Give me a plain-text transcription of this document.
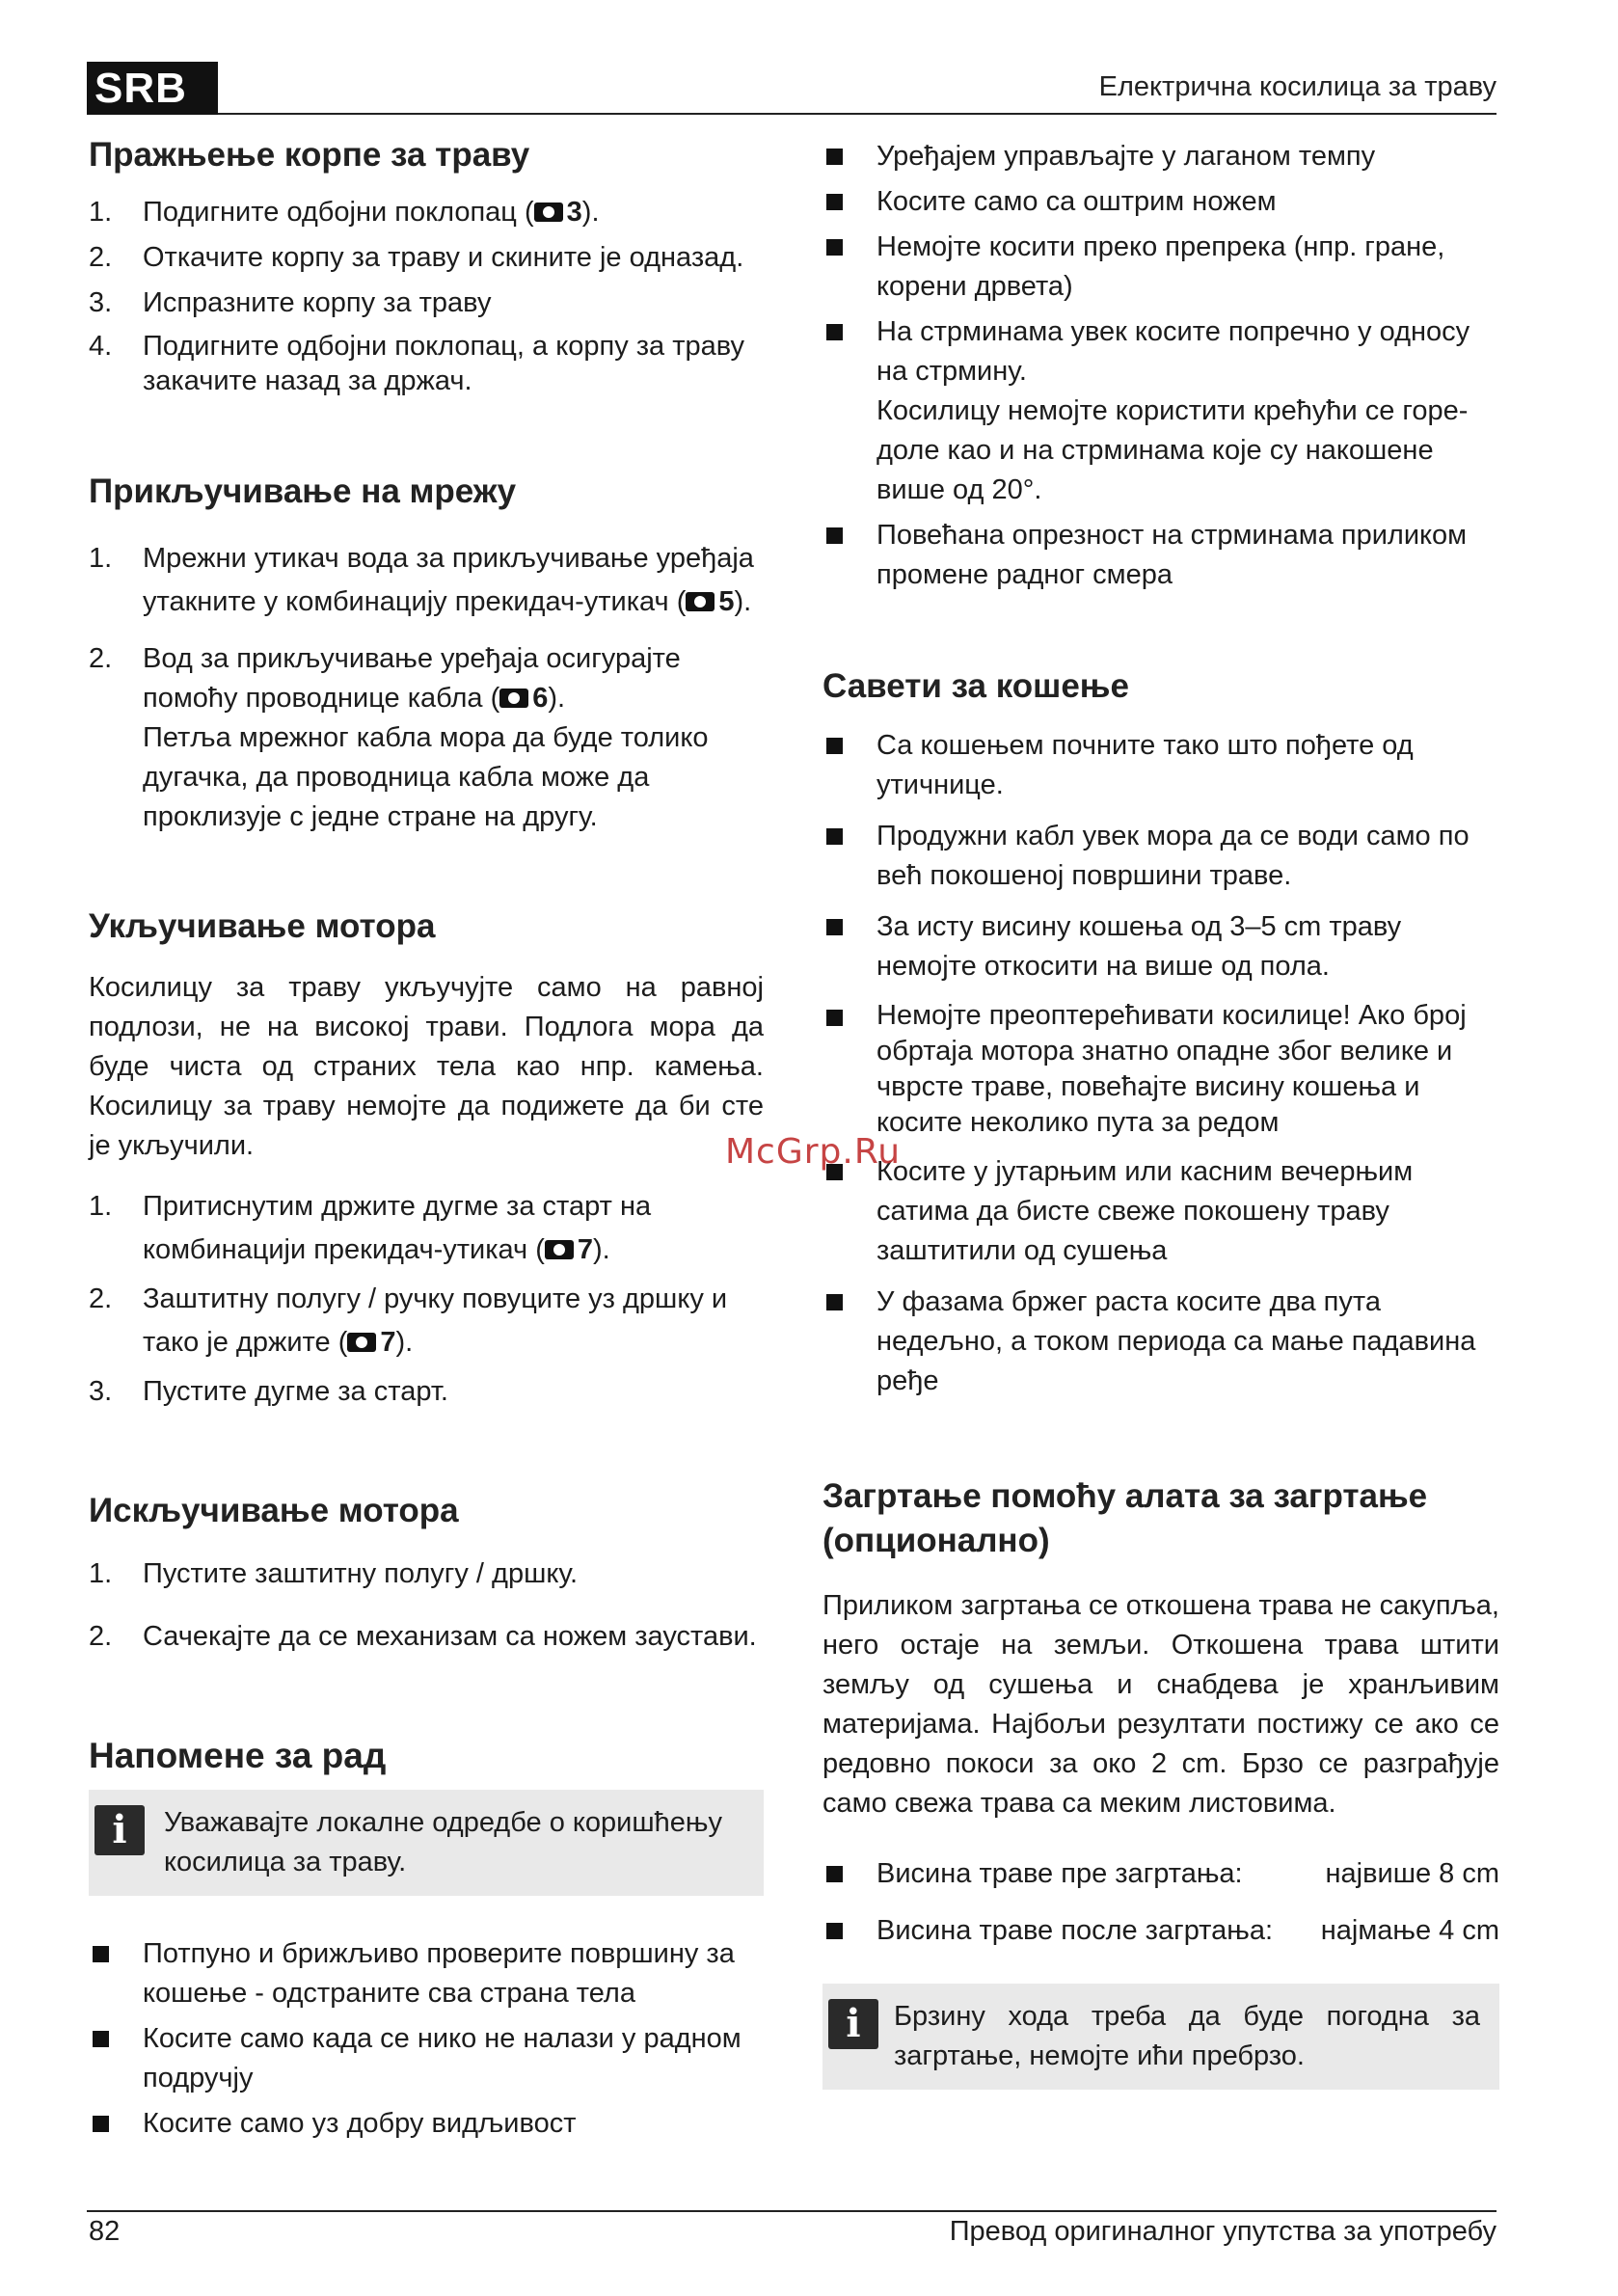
SRB	Електрична косилица за траву
Пражњење корпе за траву
1. Подигните одбојни поклопац ( 3).
2. Откачите корпу за траву и скините је одназад.
3. Испразните корпу за траву
4. Подигните одбојни поклопац, а корпу за траву закачите назад за држач.
Прикључивање на мрежу
1. Мрежни утикач вода за прикључивање уређаја утакните у комбинацију прекидач-утикач ( 5).
2. Вод за прикључивање уређаја осигурајте помоћу проводнице кабла ( 6).
Петља мрежног кабла мора да буде толико дугачка, да проводница кабла може да проклизује с једне стране на другу.
Укључивање мотора

Косилицу за траву укључујте само на равној подлози, не на високој трави. Подлога мора да буде чиста од страних тела као нпр. камења. Косилицу за траву немојте да подижете да би сте је укључили.

1. Притиснутим држите дугме за старт на комбинацији прекидач-утикач ( 7).
2. Заштитну полугу / ручку повуците уз дршку и тако је држите ( 7).
3. Пустите дугме за старт.
Искључивање мотора
1. Пустите заштитну полугу / дршку.
2. Сачекајте да се механизам са ножем заустави.
Напомене за рад
i	Уважавајте локалне одредбе о коришћењу косилица за траву.

Потпуно и брижљиво проверите површину за кошење - одстраните сва страна тела
Косите само када се нико не налази у радном подручју
Косите само уз добру видљивост
Уређајем управљајте у лаганом темпу
Косите само са оштрим ножем
Немојте косити преко препрека (нпр. гране, корени дрвета)
На стрминама увек косите попречно у односу на стрмину.
Косилицу немојте користити крећући се горе-доле као и на стрминама које су накошене више од 20°.
Повећана опрезност на стрминама приликом промене радног смера
Савети за кошење
Са кошењем почните тако што пођете од утичнице.
Продужни кабл увек мора да се води само по већ покошеној површини траве.
За исту висину кошења од 3–5 cm траву немојте откосити на више од пола.
Немојте преоптерећивати косилице! Ако број обртаја мотора знатно опадне због велике и чврсте траве, повећајте висину кошења и косите неколико пута за редом
Косите у јутарњим или касним вечерњим сатима да бисте свеже покошену траву заштитили од сушења
У фазама бржег раста косите два пута недељно, а током периода са мање падавина ређе
Загртање помоћу алата за загртање (опционално)

Приликом загртања се откошена трава не сакупља, него остаје на земљи. Откошена трава штити земљу од сушења и снабдева је хранљивим материјама. Најбољи резултати постижу се ако се редовно покоси за око 2 cm. Брзо се разграђује само свежа трава са меким листовима.

Висина траве пре загртања:	највише 8 cm
Висина траве после загртања: најмање 4 cm
i	Брзину хода треба да буде погодна за загртање, немојте ићи пребрзо.

McGrp.Ru
82	Превод оригиналног упутства за употребу
